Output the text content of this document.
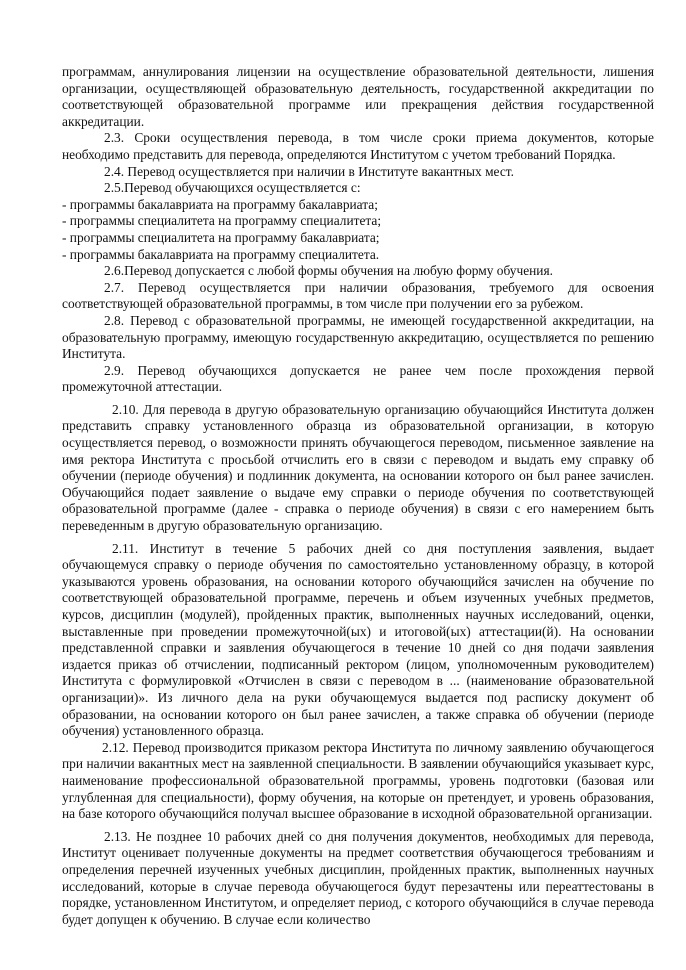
программам, аннулирования лицензии на осуществление образовательной деятельности, лишения организации, осуществляющей образовательную деятельность, государственной аккредитации по соответствующей образовательной программе или прекращения действия государственной аккредитации.

2.3. Сроки осуществления перевода, в том числе сроки приема документов, которые необходимо представить для перевода, определяются Институтом с учетом требований Порядка.

2.4. Перевод осуществляется при наличии в Институте вакантных мест.

2.5.Перевод обучающихся осуществляется с:

- программы бакалавриата на программу бакалавриата;

- программы специалитета на программу специалитета;

- программы специалитета на программу бакалавриата;

- программы бакалавриата на программу специалитета.

2.6.Перевод допускается с любой формы обучения на любую форму обучения.

2.7. Перевод осуществляется при наличии образования, требуемого для освоения соответствующей образовательной программы, в том числе при получении его за рубежом.

2.8. Перевод с образовательной программы, не имеющей государственной аккредитации, на образовательную программу, имеющую государственную аккредитацию, осуществляется по решению Института.

2.9. Перевод обучающихся допускается не ранее чем после прохождения первой промежуточной аттестации.

2.10. Для перевода в другую образовательную организацию обучающийся Института должен представить справку установленного образца из образовательной организации, в которую осуществляется перевод, о возможности принять обучающегося переводом, письменное заявление на имя ректора Института с просьбой отчислить его в связи с переводом и выдать ему справку об обучении (периоде обучения) и подлинник документа, на основании которого он был ранее зачислен. Обучающийся подает заявление о выдаче ему справки о периоде обучения по соответствующей образовательной программе (далее - справка о периоде обучения) в связи с его намерением быть переведенным в другую образовательную организацию.

2.11. Институт в течение 5 рабочих дней со дня поступления заявления, выдает обучающемуся справку о периоде обучения по самостоятельно установленному образцу, в которой указываются уровень образования, на основании которого обучающийся зачислен на обучение по соответствующей образовательной программе, перечень и объем изученных учебных предметов, курсов, дисциплин (модулей), пройденных практик, выполненных научных исследований, оценки, выставленные при проведении промежуточной(ых) и итоговой(ых) аттестации(й). На основании представленной справки и заявления обучающегося в течение 10 дней со дня подачи заявления издается приказ об отчислении, подписанный ректором (лицом, уполномоченным руководителем) Института с формулировкой «Отчислен в связи с переводом в ... (наименование образовательной организации)». Из личного дела на руки обучающемуся выдается под расписку документ об образовании, на основании которого он был ранее зачислен, а также справка об обучении (периоде обучения) установленного образца.

2.12. Перевод производится приказом ректора Института по личному заявлению обучающегося при наличии вакантных мест на заявленной специальности. В заявлении обучающийся указывает курс, наименование профессиональной образовательной программы, уровень подготовки (базовая или углубленная для специальности), форму обучения, на которые он претендует, и уровень образования, на базе которого обучающийся получал высшее образование в исходной образовательной организации.

2.13. Не позднее 10 рабочих дней со дня получения документов, необходимых для перевода, Институт оценивает полученные документы на предмет соответствия обучающегося требованиям и определения перечней изученных учебных дисциплин, пройденных практик, выполненных научных исследований, которые в случае перевода обучающегося будут перезачтены или переаттестованы в порядке, установленном Институтом, и определяет период, с которого обучающийся в случае перевода будет допущен к обучению. В случае если количество
